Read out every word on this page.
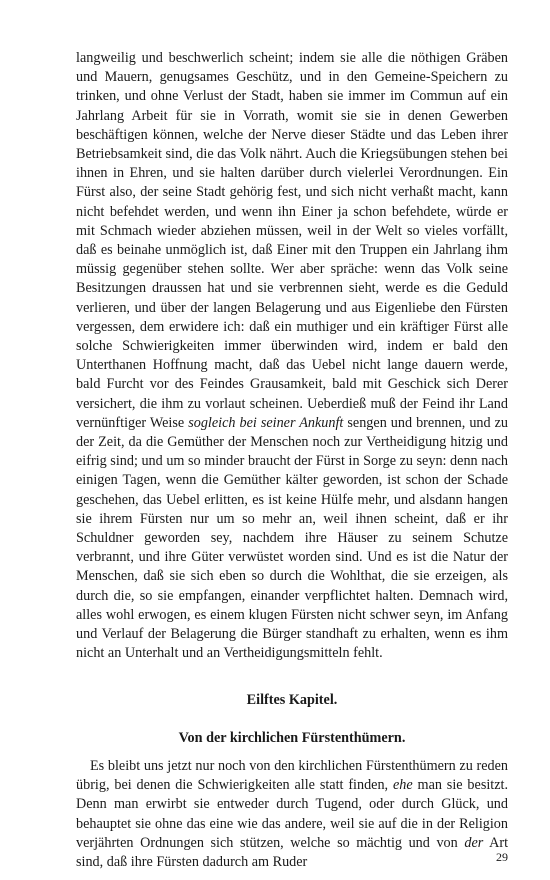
langweilig und beschwerlich scheint; indem sie alle die nöthigen Gräben und Mauern, genugsames Geschütz, und in den Gemeine-Speichern zu trinken, und ohne Verlust der Stadt, haben sie immer im Commun auf ein Jahrlang Arbeit für sie in Vorrath, womit sie sie in denen Gewerben beschäftigen können, welche der Nerve dieser Städte und das Leben ihrer Betriebsamkeit sind, die das Volk nährt. Auch die Kriegsübungen stehen bei ihnen in Ehren, und sie halten darüber durch vielerlei Verordnungen. Ein Fürst also, der seine Stadt gehörig fest, und sich nicht verhaßt macht, kann nicht befehdet werden, und wenn ihn Einer ja schon befehdete, würde er mit Schmach wieder abziehen müssen, weil in der Welt so vieles vorfällt, daß es beinahe unmöglich ist, daß Einer mit den Truppen ein Jahrlang ihm müssig gegenüber stehen sollte. Wer aber spräche: wenn das Volk seine Besitzungen draussen hat und sie verbrennen sieht, werde es die Geduld verlieren, und über der langen Belagerung und aus Eigenliebe den Fürsten vergessen, dem erwidere ich: daß ein muthiger und ein kräftiger Fürst alle solche Schwierigkeiten immer überwinden wird, indem er bald den Unterthanen Hoffnung macht, daß das Uebel nicht lange dauern werde, bald Furcht vor des Feindes Grausamkeit, bald mit Geschick sich Derer versichert, die ihm zu vorlaut scheinen. Ueberdieß muß der Feind ihr Land vernünftiger Weise sogleich bei seiner Ankunft sengen und brennen, und zu der Zeit, da die Gemüther der Menschen noch zur Vertheidigung hitzig und eifrig sind; und um so minder braucht der Fürst in Sorge zu seyn: denn nach einigen Tagen, wenn die Gemüther kälter geworden, ist schon der Schade geschehen, das Uebel erlitten, es ist keine Hülfe mehr, und alsdann hangen sie ihrem Fürsten nur um so mehr an, weil ihnen scheint, daß er ihr Schuldner geworden sey, nachdem ihre Häuser zu seinem Schutze verbrannt, und ihre Güter verwüstet worden sind. Und es ist die Natur der Menschen, daß sie sich eben so durch die Wohlthat, die sie erzeigen, als durch die, so sie empfangen, einander verpflichtet halten. Demnach wird, alles wohl erwogen, es einem klugen Fürsten nicht schwer seyn, im Anfang und Verlauf der Belagerung die Bürger standhaft zu erhalten, wenn es ihm nicht an Unterhalt und an Vertheidigungsmitteln fehlt.

Eilftes Kapitel.

Von der kirchlichen Fürstenthümern.

Es bleibt uns jetzt nur noch von den kirchlichen Fürstenthümern zu reden übrig, bei denen die Schwierigkeiten alle statt finden, ehe man sie besitzt. Denn man erwirbt sie entweder durch Tugend, oder durch Glück, und behauptet sie ohne das eine wie das andere, weil sie auf die in der Religion verjährten Ordnungen sich stützen, welche so mächtig und von der Art sind, daß ihre Fürsten dadurch am Ruder	29
